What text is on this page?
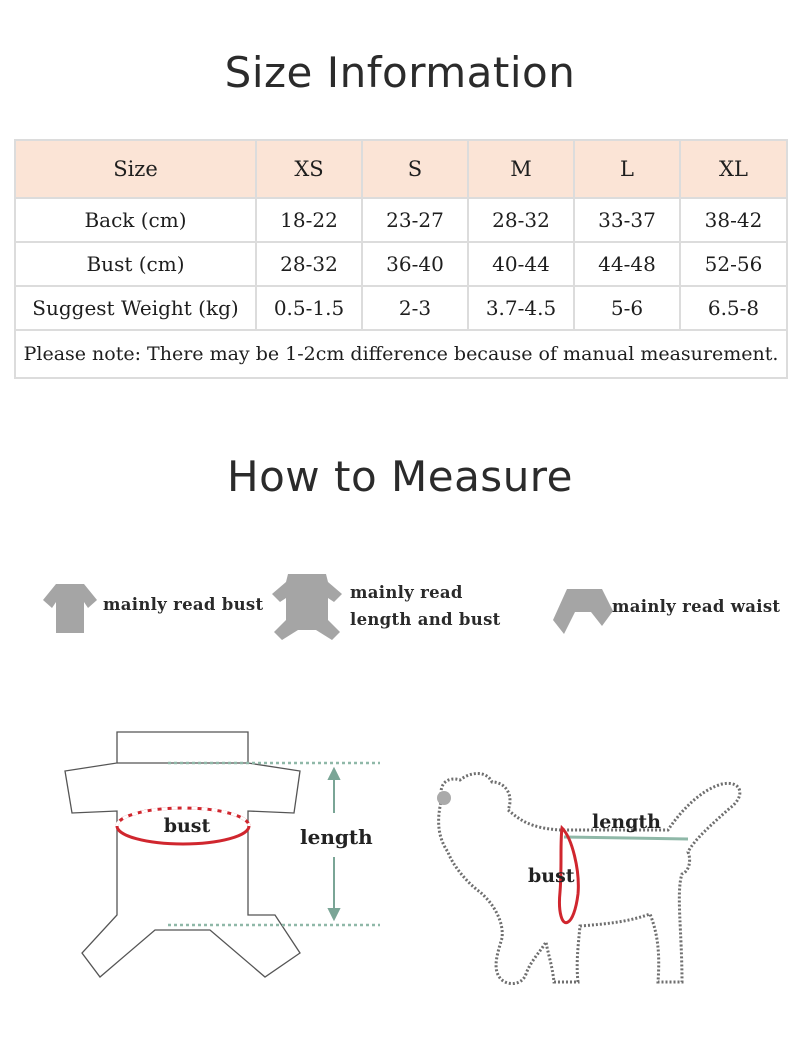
Size Information
Size	XS	S	M	L	XL
Back (cm)	18-22	23-27	28-32	33-37	38-42
Bust (cm)	28-32	36-40	40-44	44-48	52-56
Suggest Weight (kg)	0.5-1.5	2-3	3.7-4.5	5-6	6.5-8
Please note: There may be 1-2cm difference because of manual measurement.					
How to Measure
mainly read bust
mainly read
length and bust
mainly read waist
bust	length
length
bust
